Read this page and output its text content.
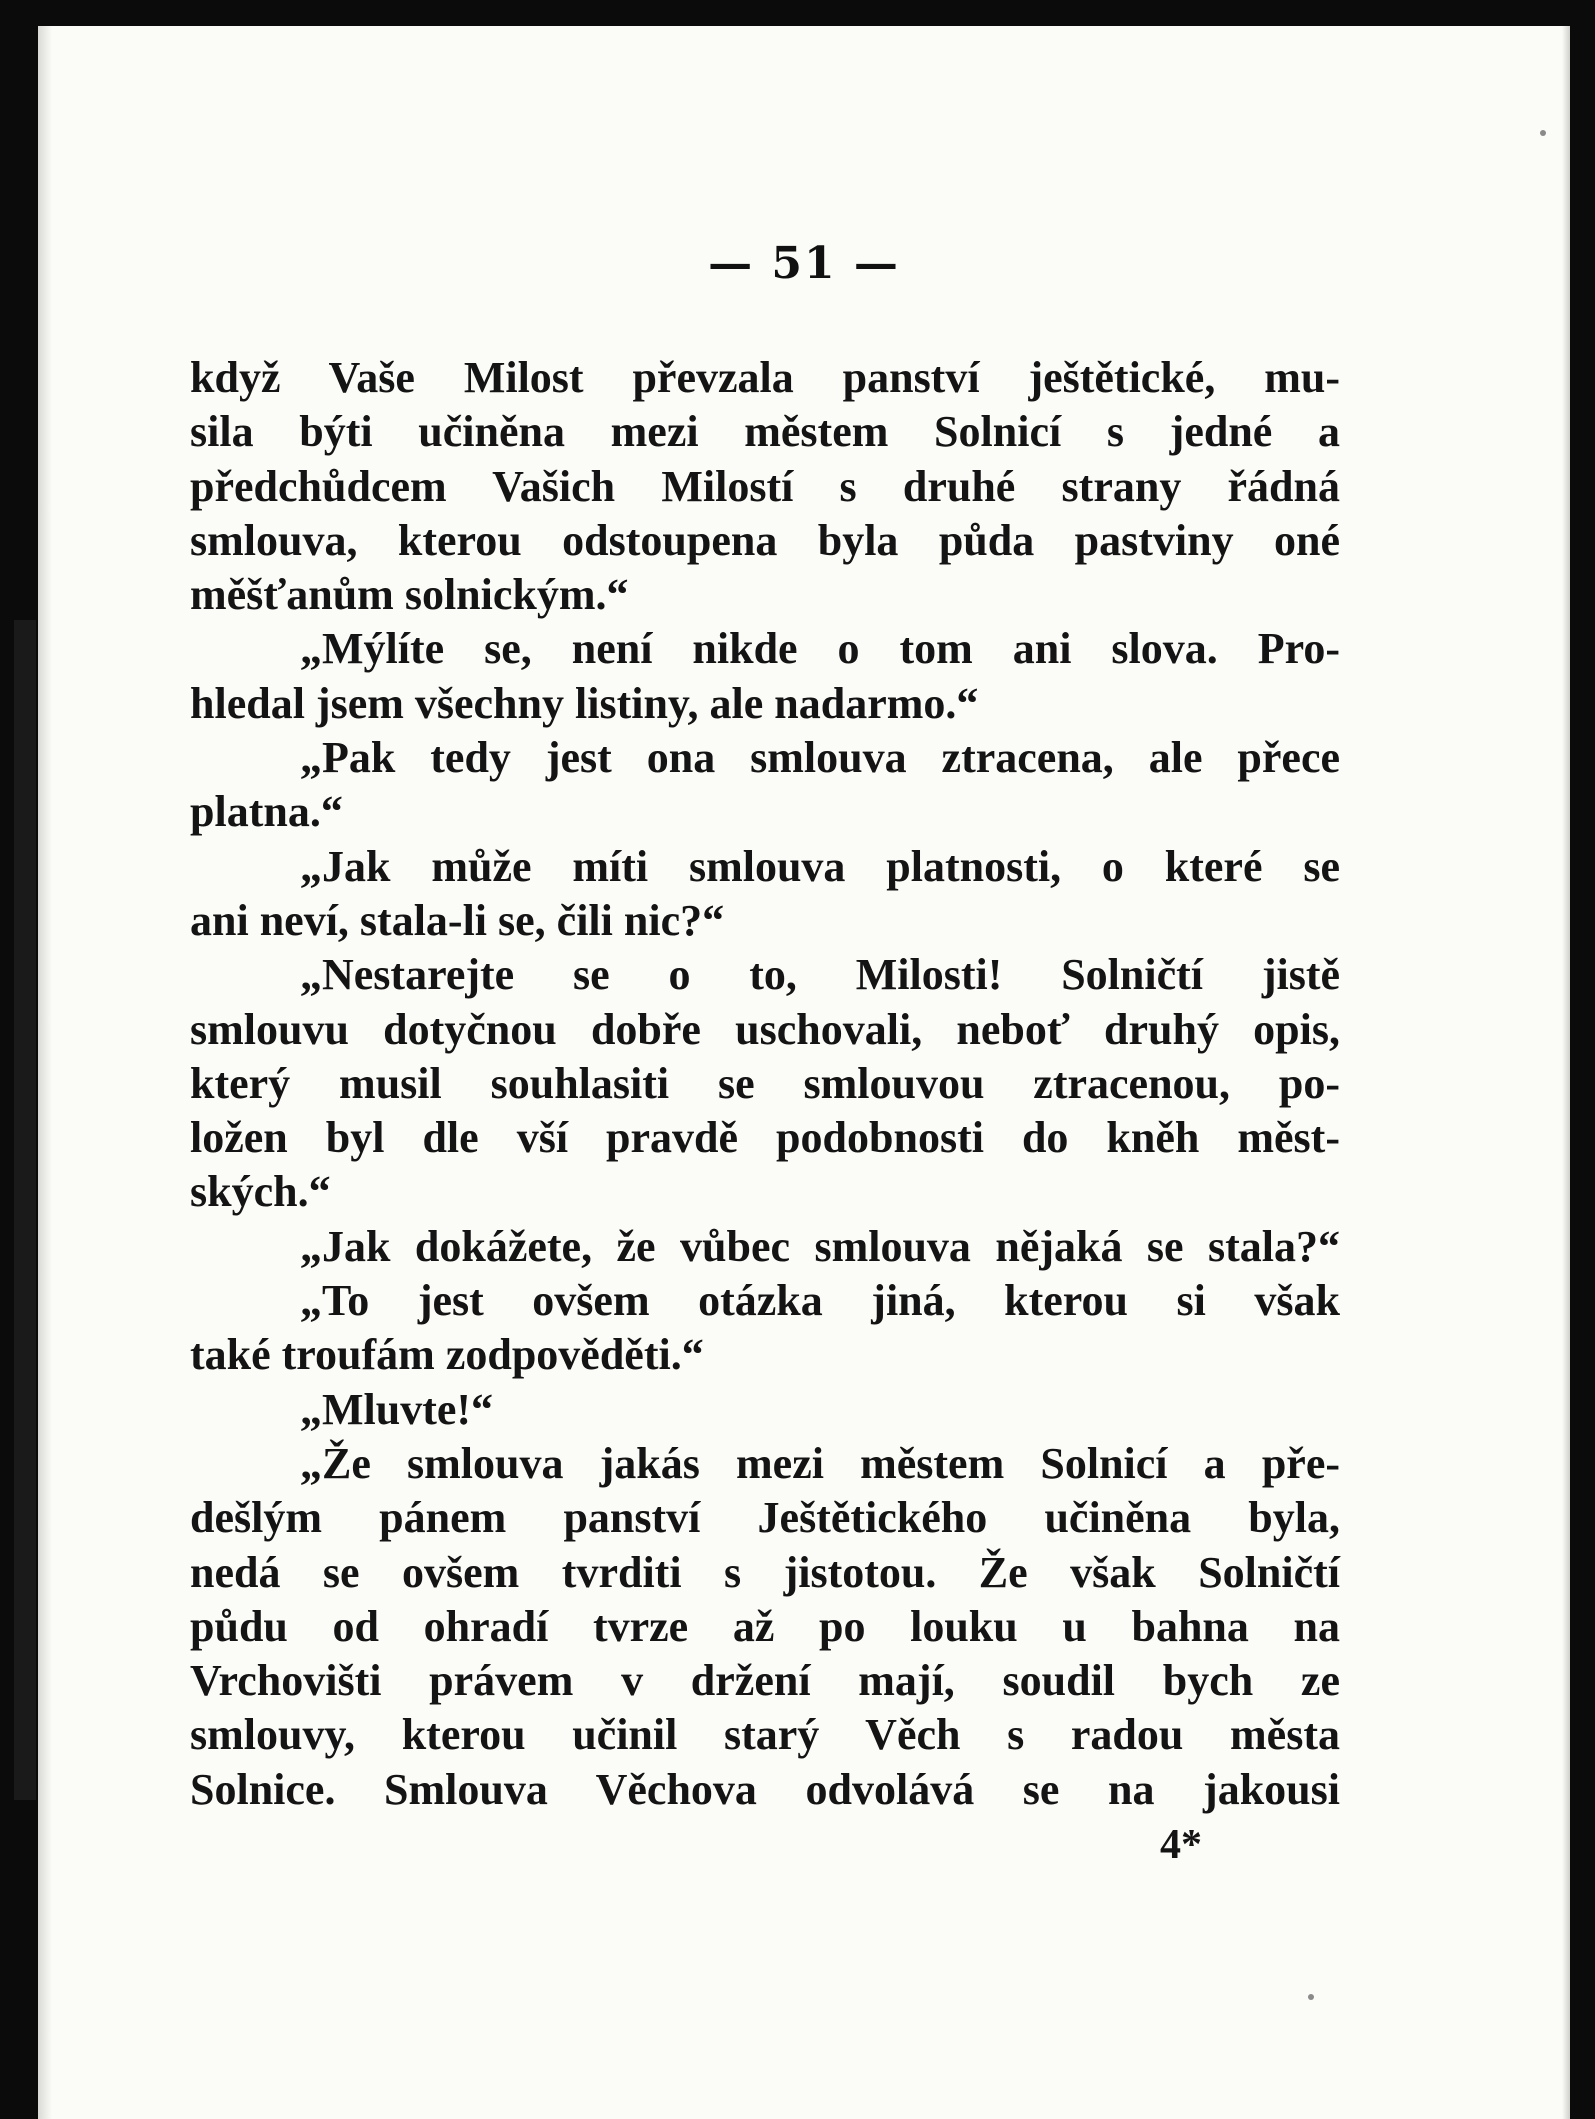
— 51 —
když Vaše Milost převzala panství ještětické, mu-
sila býti učiněna mezi městem Solnicí s jedné a
předchůdcem Vašich Milostí s druhé strany řádná
smlouva, kterou odstoupena byla půda pastviny oné
měšťanům solnickým.“
„Mýlíte se, není nikde o tom ani slova. Pro-
hledal jsem všechny listiny, ale nadarmo.“
„Pak tedy jest ona smlouva ztracena, ale přece
platna.“
„Jak může míti smlouva platnosti, o které se
ani neví, stala-li se, čili nic?“
„Nestarejte se o to, Milosti! Solničtí jistě
smlouvu dotyčnou dobře uschovali, neboť druhý opis,
který musil souhlasiti se smlouvou ztracenou, po-
ložen byl dle vší pravdě podobnosti do kněh měst-
ských.“
„Jak dokážete, že vůbec smlouva nějaká se stala?“
„To jest ovšem otázka jiná, kterou si však
také troufám zodpověděti.“
„Mluvte!“
„Že smlouva jakás mezi městem Solnicí a pře-
dešlým pánem panství Ještětického učiněna byla,
nedá se ovšem tvrditi s jistotou. Že však Solničtí
půdu od ohradí tvrze až po louku u bahna na
Vrchovišti právem v držení mají, soudil bych ze
smlouvy, kterou učinil starý Věch s radou města
Solnice. Smlouva Věchova odvolává se na jakousi
4*
